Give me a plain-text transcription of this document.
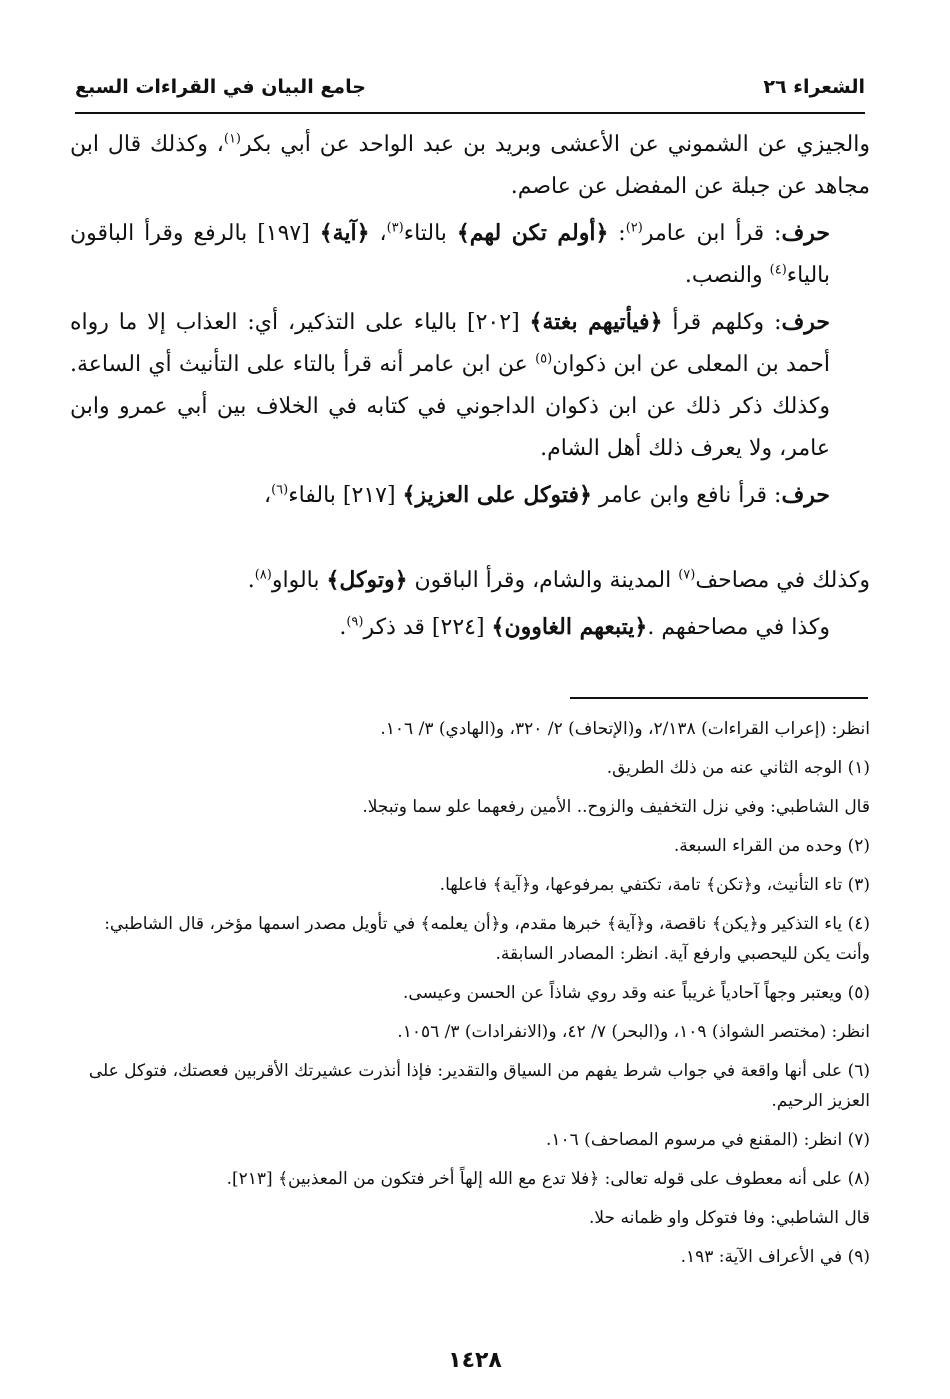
الشعراء ٢٦
جامع البيان في القراءات السبع

والجيزي عن الشموني عن الأعشى وبريد بن عبد الواحد عن أبي بكر$^{(١)}$، وكذلك قال ابن مجاهد عن جبلة عن المفضل عن عاصم.

حرف: قرأ ابن عامر$^{(٢)}$: ﴿أولم تكن لهم﴾ بالتاء$^{(٣)}$، ﴿آية﴾ [١٩٧] بالرفع وقرأ الباقون بالياء$^{(٤)}$ والنصب.

حرف: وكلهم قرأ ﴿فيأتيهم بغتة﴾ [٢٠٢] بالياء على التذكير، أي: العذاب إلا ما رواه أحمد بن المعلى عن ابن ذكوان$^{(٥)}$ عن ابن عامر أنه قرأ بالتاء على التأنيث أي الساعة. وكذلك ذكر ذلك عن ابن ذكوان الداجوني في كتابه في الخلاف بين أبي عمرو وابن عامر، ولا يعرف ذلك أهل الشام.

حرف: قرأ نافع وابن عامر ﴿فتوكل على العزيز﴾ [٢١٧] بالفاء$^{(٦)}$،

وكذلك في مصاحف$^{(٧)}$ المدينة والشام، وقرأ الباقون ﴿وتوكل﴾ بالواو$^{(٨)}$.

وكذا في مصاحفهم .﴿يتبعهم الغاوون﴾ [٢٢٤] قد ذكر$^{(٩)}$.

انظر: (إعراب القراءات) ٢/١٣٨، و(الإتحاف) ٢/ ٣٢٠، و(الهادي) ٣/ ١٠٦.

(١) الوجه الثاني عنه من ذلك الطريق.

قال الشاطبي: وفي نزل التخفيف والزوح.. الأمين رفعهما علو سما وتبجلا.

(٢) وحده من القراء السبعة.

(٣) تاء التأنيث، و﴿تكن﴾ تامة، تكتفي بمرفوعها، و﴿آية﴾ فاعلها.

(٤) ياء التذكير و﴿يكن﴾ ناقصة، و﴿آية﴾ خبرها مقدم، و﴿أن يعلمه﴾ في تأويل مصدر اسمها مؤخر، قال الشاطبي: وأنت يكن لليحصبي وارفع آية. انظر: المصادر السابقة.

(٥) ويعتبر وجهاً آحادياً غريباً عنه وقد روي شاذاً عن الحسن وعيسى.

انظر: (مختصر الشواذ) ١٠٩، و(البحر) ٧/ ٤٢، و(الانفرادات) ٣/ ١٠٥٦.

(٦) على أنها واقعة في جواب شرط يفهم من السياق والتقدير: فإذا أنذرت عشيرتك الأقربين فعصتك، فتوكل على العزيز الرحيم.

(٧) انظر: (المقنع في مرسوم المصاحف) ١٠٦.

(٨) على أنه معطوف على قوله تعالى: ﴿فلا تدع مع الله إلهاً أخر فتكون من المعذبين﴾ [٢١٣].

قال الشاطبي: وفا فتوكل واو ظمانه حلا.

(٩) في الأعراف الآية: ١٩٣.

١٤٢٨
